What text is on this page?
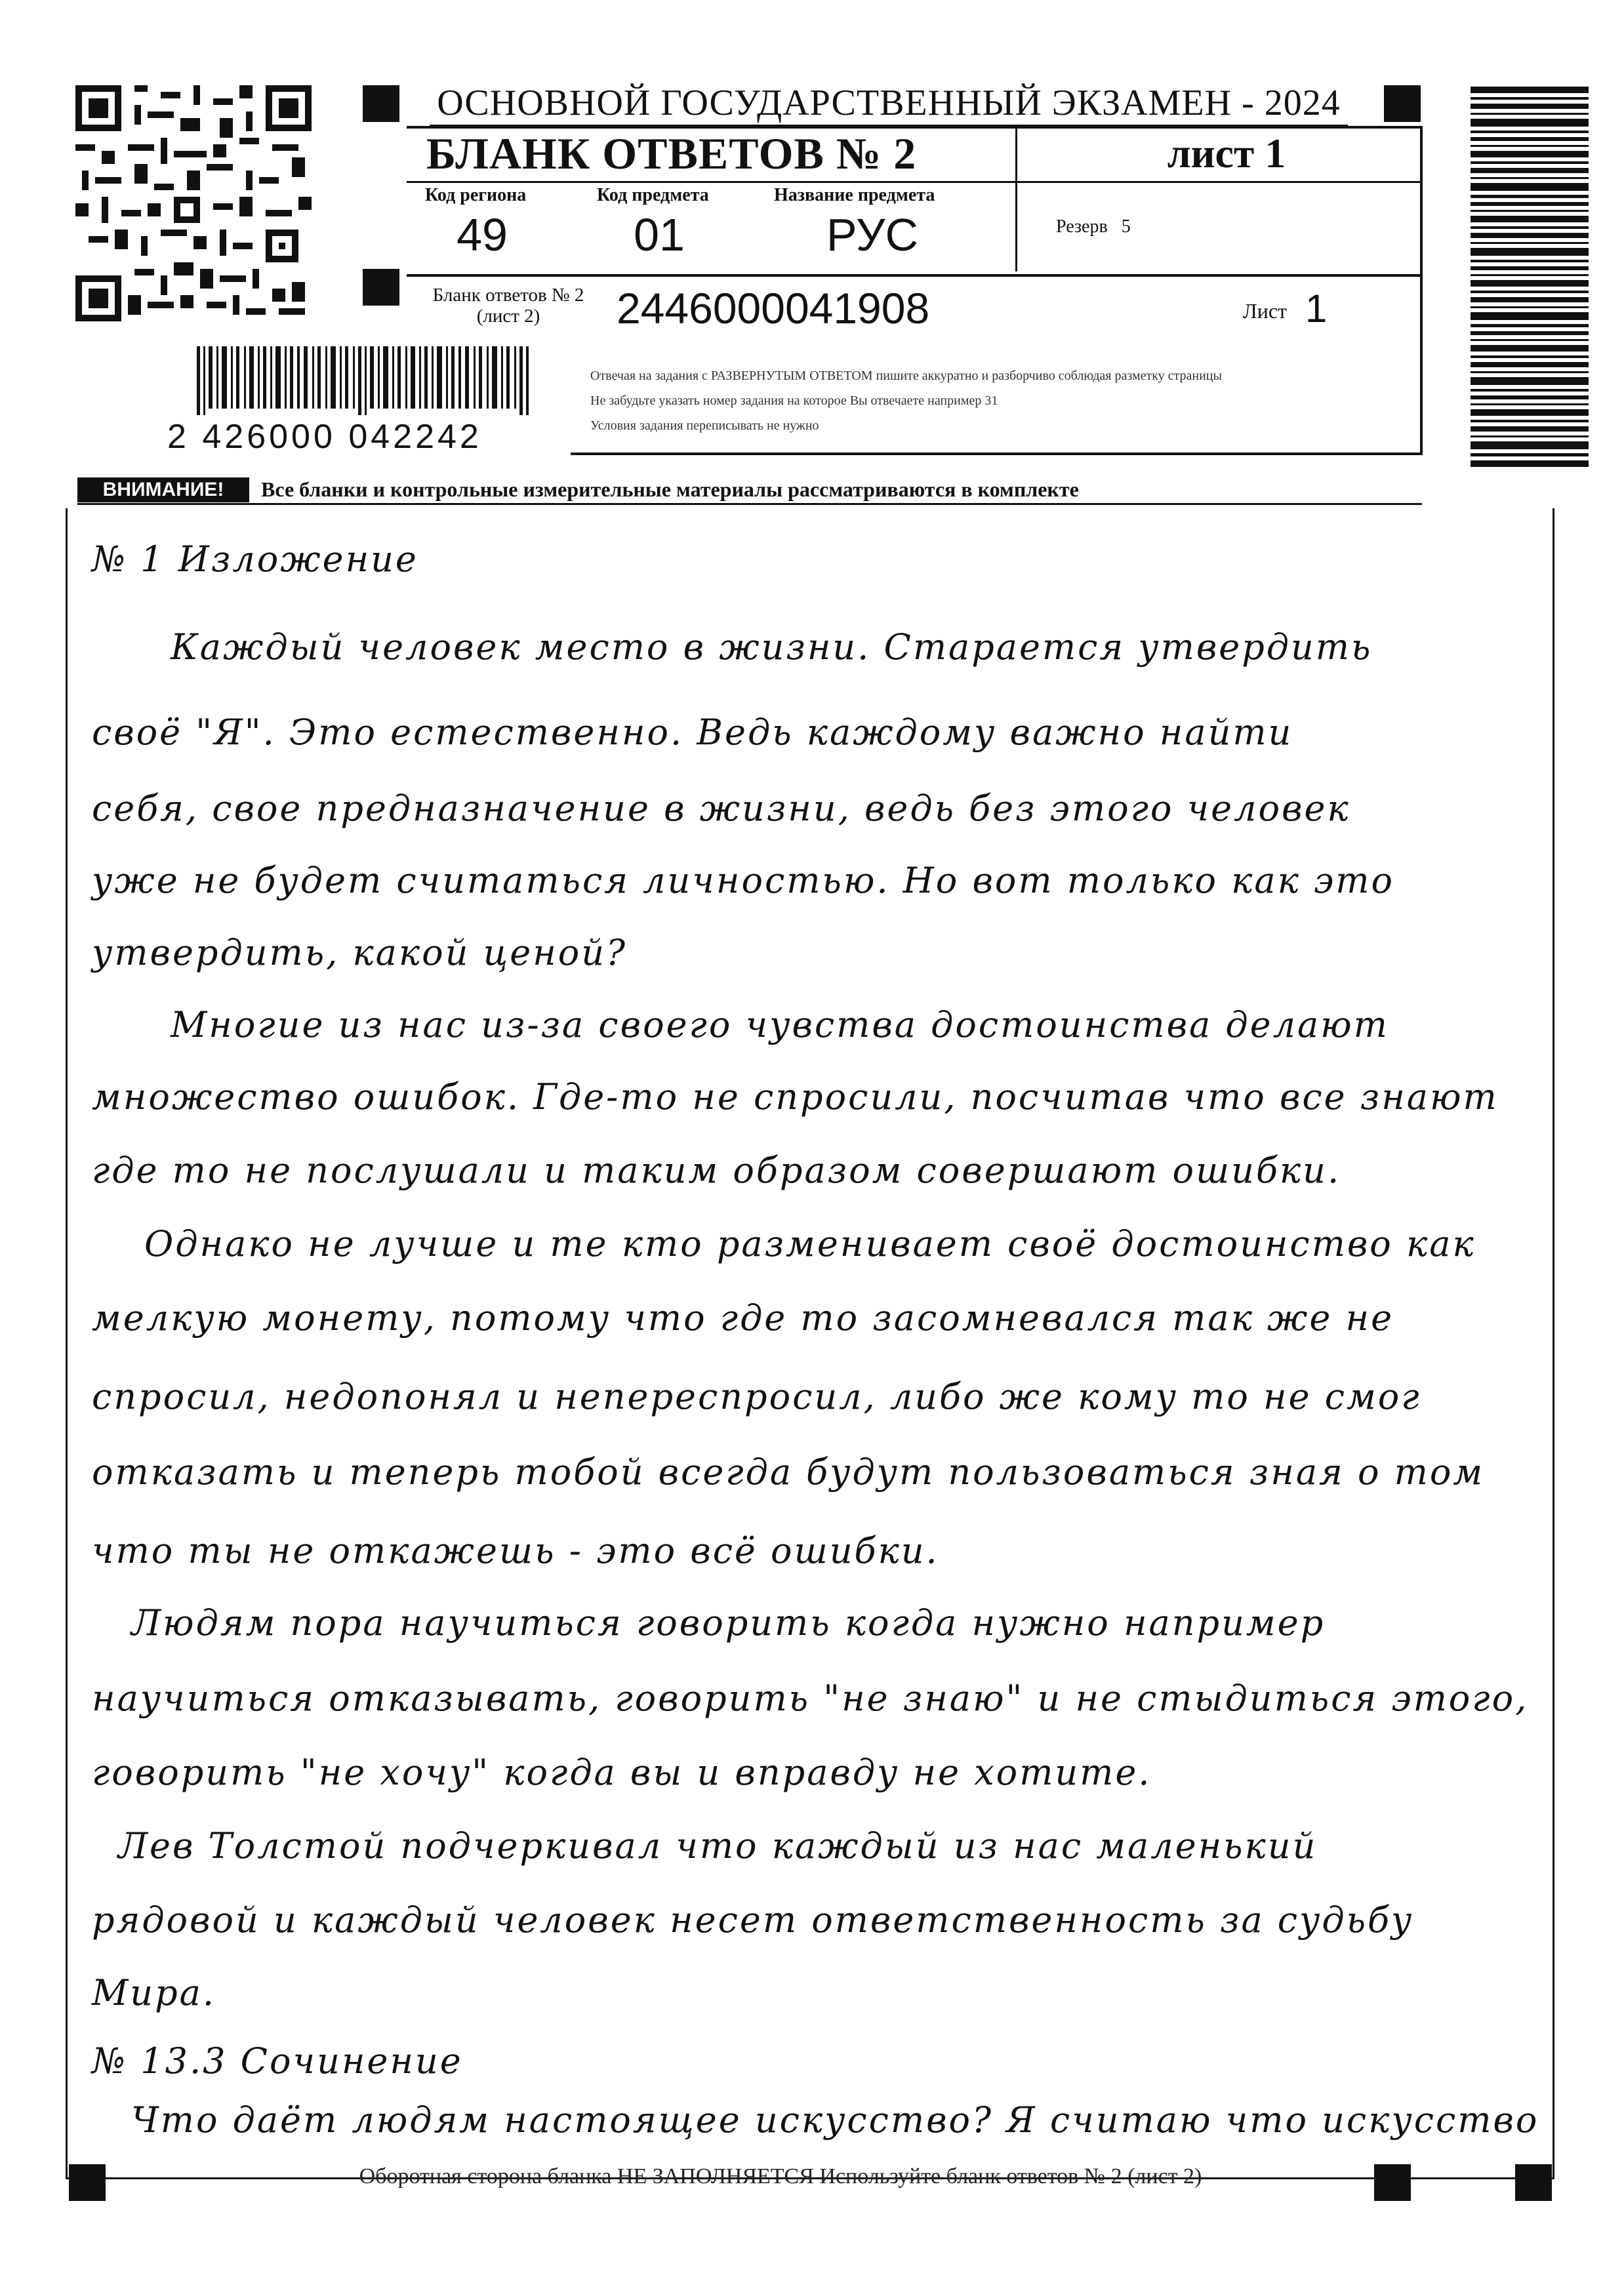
2 426000 042242
ОСНОВНОЙ ГОСУДАРСТВЕННЫЙ ЭКЗАМЕН - 2024
БЛАНК ОТВЕТОВ № 2	лист 1
Код региона
49
Код предмета
01
Название предмета
РУС	Резерв 5
Бланк ответов № 2
(лист 2)	2446000041908	Лист 1
Отвечая на задания с РАЗВЕРНУТЫМ ОТВЕТОМ пишите аккуратно и разборчиво соблюдая разметку страницы
Не забудьте указать номер задания на которое Вы отвечаете например 31
Условия задания переписывать не нужно
ВНИМАНИЕ!	Все бланки и контрольные измерительные материалы рассматриваются в комплекте
№ 1 Изложение
Каждый человек место в жизни. Старается утвердить
своё "Я". Это естественно. Ведь каждому важно найти
себя, свое предназначение в жизни, ведь без этого человек
уже не будет считаться личностью. Но вот только как это
утвердить, какой ценой?
Многие из нас из-за своего чувства достоинства делают
множество ошибок. Где-то не спросили, посчитав что все знают
где то не послушали и таким образом совершают ошибки.
Однако не лучше и те кто разменивает своё достоинство как
мелкую монету, потому что где то засомневался так же не
спросил, недопонял и непереспросил, либо же кому то не смог
отказать и теперь тобой всегда будут пользоваться зная о том
что ты не откажешь - это всё ошибки.
Людям пора научиться говорить когда нужно например
научиться отказывать, говорить "не знаю" и не стыдиться этого,
говорить "не хочу" когда вы и вправду не хотите.
Лев Толстой подчеркивал что каждый из нас маленький
рядовой и каждый человек несет ответственность за судьбу
Мира.
№ 13.3 Сочинение
Что даёт людям настоящее искусство? Я считаю что искусство
Оборотная сторона бланка НЕ ЗАПОЛНЯЕТСЯ Используйте бланк ответов № 2 (лист 2)
